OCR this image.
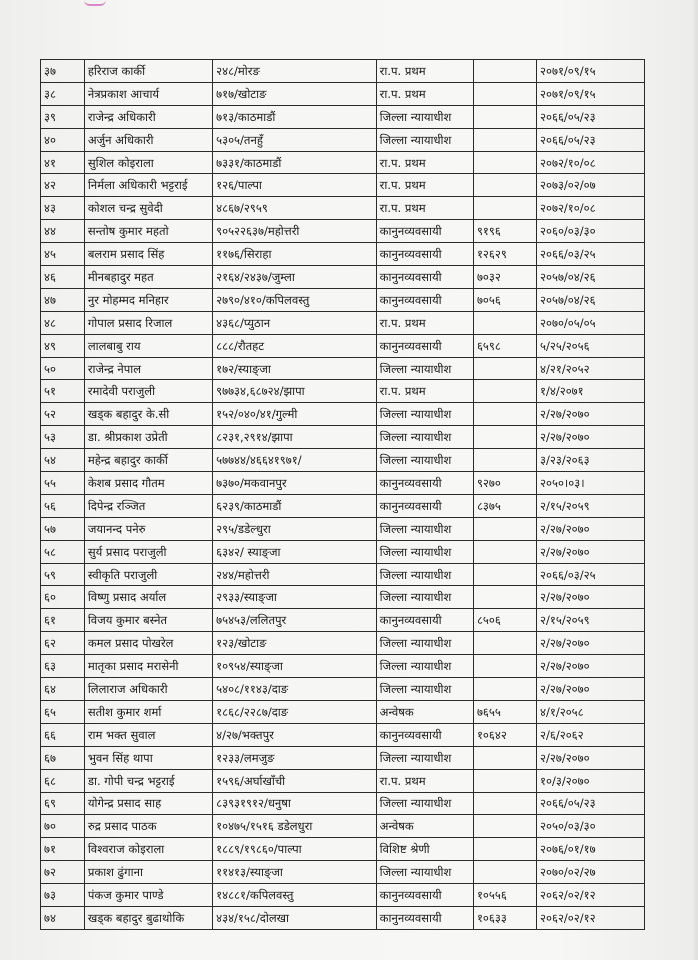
३७	हरिराज कार्की	२४८/मोरङ	रा.प. प्रथम		२०७१/०९/१५
३८	नेत्रप्रकाश आचार्य	७१७/खोटाङ	रा.प. प्रथम		२०७१/०९/१५
३९	राजेन्द्र अधिकारी	७१३/काठमाडौं	जिल्ला न्यायाधीश		२०६६/०५/२३
४०	अर्जुन अधिकारी	५३०५/तनहुँ	जिल्ला न्यायाधीश		२०६६/०५/२३
४१	सुशिल कोइराला	७३३१/काठमाडौं	रा.प. प्रथम		२०७२/१०/०८
४२	निर्मला अधिकारी भट्टराई	१२६/पाल्पा	रा.प. प्रथम		२०७३/०२/०७
४३	कोशल चन्द्र सुवेदी	४८६७/२९५९	रा.प. प्रथम		२०७२/१०/०८
४४	सन्तोष कुमार महतो	९०५२२६३७/महोत्तरी	कानुनव्यवसायी	९१९६	२०६०/०३/३०
४५	बलराम प्रसाद सिंह	११७६/सिराहा	कानुनव्यवसायी	१२६२९	२०६६/०३/२५
४६	मीनबहादुर महत	२१६४/२४३७/जुम्ला	कानुनव्यवसायी	७०३२	२०५७/०४/२६
४७	नुर मोहम्मद मनिहार	२७९०/४१०/कपिलवस्तु	कानुनव्यवसायी	७०५६	२०५७/०४/२६
४८	गोपाल प्रसाद रिजाल	४३६८/प्युठान	रा.प. प्रथम		२०७०/०५/०५
४९	लालबाबु राय	८८८/रौतहट	कानुनव्यवसायी	६५९८	५/२५/२०५६
५०	राजेन्द्र नेपाल	१७२/स्याङ्जा	जिल्ला न्यायाधीश		४/२१/२०५२
५१	रमादेवी पराजुली	९७७३४,६८७२४/झापा	रा.प. प्रथम		१/४/२०७१
५२	खड्क बहादुर के.सी	१५२/०४०/४१/गुल्मी	जिल्ला न्यायाधीश		२/२७/२०७०
५३	डा. श्रीप्रकाश उप्रेती	८२३१,२९१४/झापा	जिल्ला न्यायाधीश		२/२७/२०७०
५४	महेन्द्र बहादुर कार्की	५७७४४/४६६४१९७१/	जिल्ला न्यायाधीश		३/२३/२०६३
५५	केशब प्रसाद गौतम	७३७०/मकवानपुर	कानुनव्यवसायी	९२७०	२०५०।०३।
५६	दिपेन्द्र रञ्जित	६२३९/काठमाडौं	कानुनव्यवसायी	८३७५	२/१५/२०५९
५७	जयानन्द पनेरु	२९५/डडेल्धुरा	जिल्ला न्यायाधीश		२/२७/२०७०
५८	सुर्य प्रसाद पराजुली	६३४२/ स्याङ्जा	जिल्ला न्यायाधीश		२/२७/२०७०
५९	स्वीकृति पराजुली	२४४/महोत्तरी	जिल्ला न्यायाधीश		२०६६/०३/२५
६०	विष्णु प्रसाद अर्याल	२९३३/स्याङ्जा	जिल्ला न्यायाधीश		२/२७/२०७०
६१	विजय कुमार बस्नेत	७५४५३/ललितपुर	कानुनव्यवसायी	८५०६	२/१५/२०५९
६२	कमल प्रसाद पोखरेल	१२३/खोटाङ	जिल्ला न्यायाधीश		२/२७/२०७०
६३	मातृका प्रसाद मरासेनी	१०९५४/स्याङ्जा	जिल्ला न्यायाधीश		२/२७/२०७०
६४	लिलाराज अधिकारी	५४०८/११४३/दाङ	जिल्ला न्यायाधीश		२/२७/२०७०
६५	सतीश कुमार शर्मा	१८६८/२२८७/दाङ	अन्वेषक	७६५५	४/१/२०५८
६६	राम भक्त सुवाल	४/२७/भक्तपुर	कानुनव्यवसायी	१०६४२	२/६/२०६२
६७	भुवन सिंह थापा	१२३३/लमजुङ	जिल्ला न्यायाधीश		२/२७/२०७०
६८	डा. गोपी चन्द्र भट्टराई	१५९६/अर्घाखाँची	रा.प. प्रथम		१०/३/२०७०
६९	योगेन्द्र प्रसाद साह	८३९३१९१२/धनुषा	जिल्ला न्यायाधीश		२०६६/०५/२३
७०	रुद्र प्रसाद पाठक	१०४७५/१५१६ डडेलधुरा	अन्वेषक		२०५०/०३/३०
७१	विश्वराज कोइराला	१८८९/१९८६०/पाल्पा	विशिष्ट श्रेणी		२०७६/०१/१७
७२	प्रकाश ढुंगाना	११४१३/स्याङ्जा	जिल्ला न्यायाधीश		२०७०/०२/२७
७३	पंकज कुमार पाण्डे	१४८८१/कपिलवस्तु	कानुनव्यवसायी	१०५५६	२०६२/०२/१२
७४	खड्क बहादुर बुढाथोकि	४३४/१५८/दोलखा	कानुनव्यवसायी	१०६३३	२०६२/०२/१२
